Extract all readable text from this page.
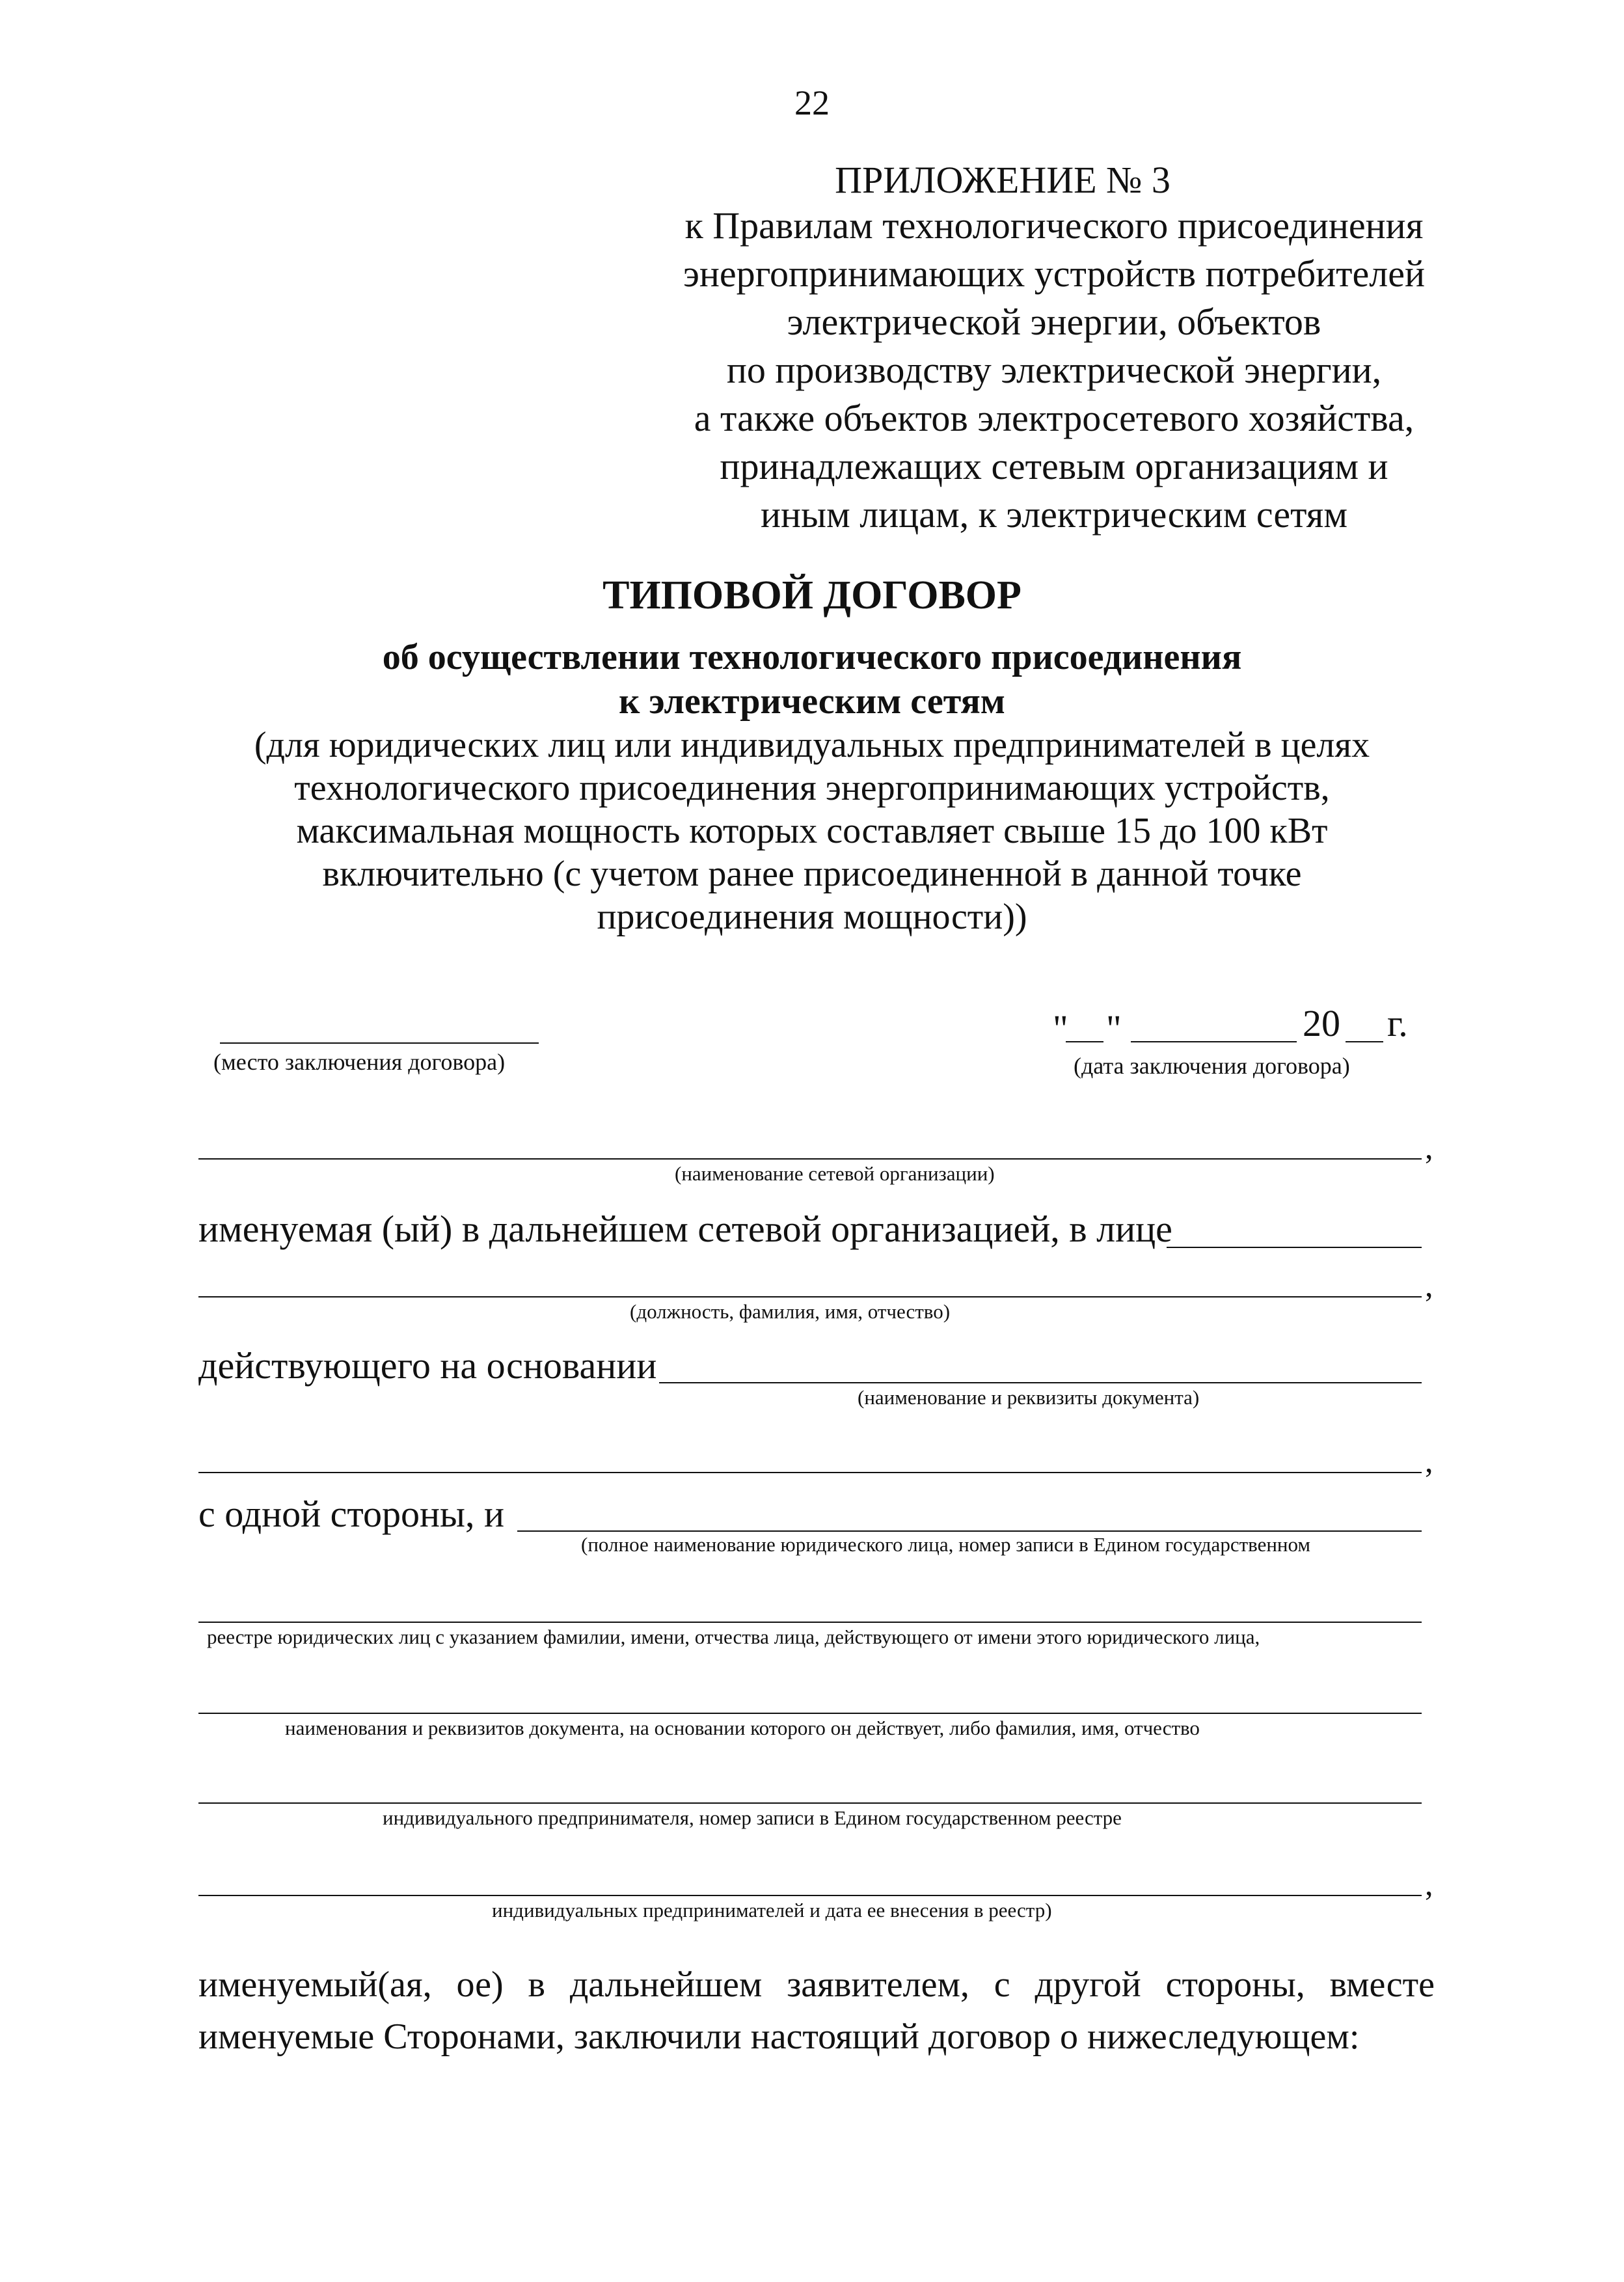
22
ПРИЛОЖЕНИЕ № 3
к Правилам технологического присоединения
энергопринимающих устройств потребителей
электрической энергии, объектов
по производству электрической энергии,
а также объектов электросетевого хозяйства,
принадлежащих сетевым организациям и
иным лицам, к электрическим сетям
ТИПОВОЙ ДОГОВОР
об осуществлении технологического присоединения
к электрическим сетям
(для юридических лиц или индивидуальных предпринимателей в целях
технологического присоединения энергопринимающих устройств,
максимальная мощность которых составляет свыше 15 до 100 кВт
включительно (с учетом ранее присоединенной в данной точке
присоединения мощности))
(место заключения договора)
" "	20 г.
(дата заключения договора)
,
(наименование сетевой организации)
именуемая (ый) в дальнейшем сетевой организацией, в лице
,
(должность, фамилия, имя, отчество)
действующего на основании
(наименование и реквизиты документа)
,
с одной стороны, и
(полное наименование юридического лица, номер записи в Едином государственном
реестре юридических лиц с указанием фамилии, имени, отчества лица, действующего от имени этого юридического лица,
наименования и реквизитов документа, на основании которого он действует, либо фамилия, имя, отчество
индивидуального предпринимателя, номер записи в Едином государственном реестре
,
индивидуальных предпринимателей и дата ее внесения в реестр)
именуемый(ая, ое) в дальнейшем заявителем, с другой стороны, вместе
именуемые Сторонами, заключили настоящий договор о нижеследующем:
